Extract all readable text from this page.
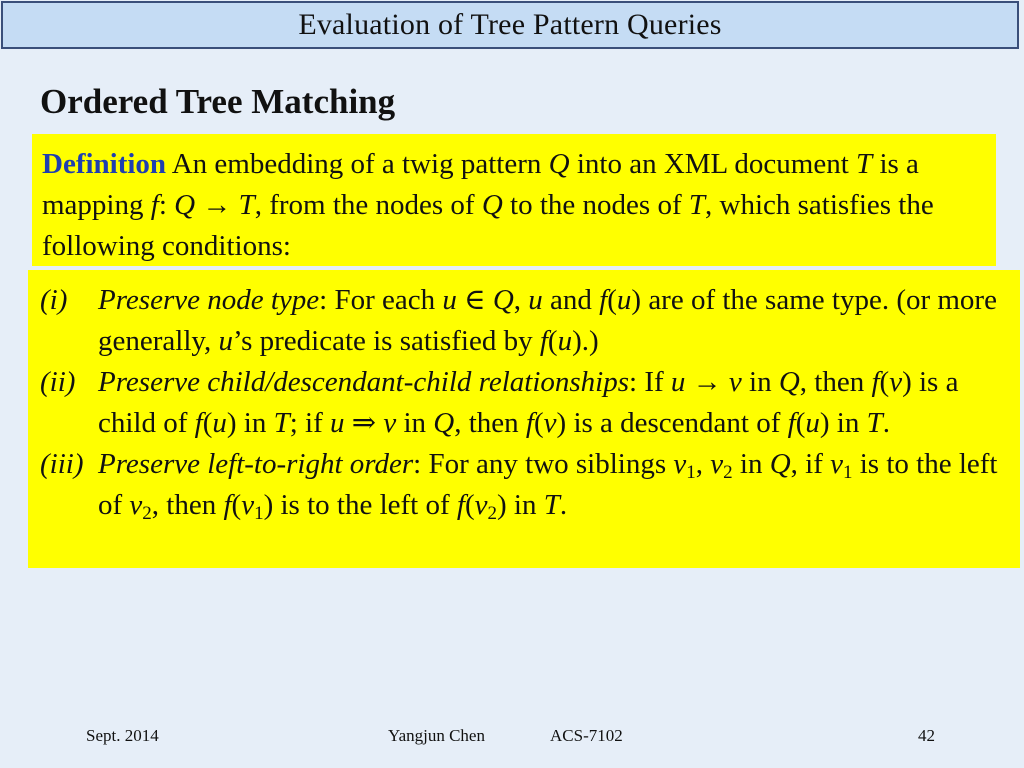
Evaluation of Tree Pattern Queries
Ordered Tree Matching

Definition An embedding of a twig pattern Q into an XML document T is a mapping f: Q → T, from the nodes of Q to the nodes of T, which satisfies the following conditions:

(i)	Preserve node type: For each u ∈ Q, u and f(u) are of the same type. (or more generally, u’s predicate is satisfied by f(u).)
(ii) Preserve child/descendant-child relationships: If u → v in Q, then f(v) is a child of f(u) in T; if u ⇒ v in Q, then f(v) is a descendant of f(u) in T.
(iii) Preserve left-to-right order: For any two siblings $v_1$, $v_2$ in Q, if $v_1$ is to the left of $v_2$, then $f(v_1)$ is to the left of $f(v_2)$ in T.
Sept. 2014	Yangjun Chen	ACS-7102	42
